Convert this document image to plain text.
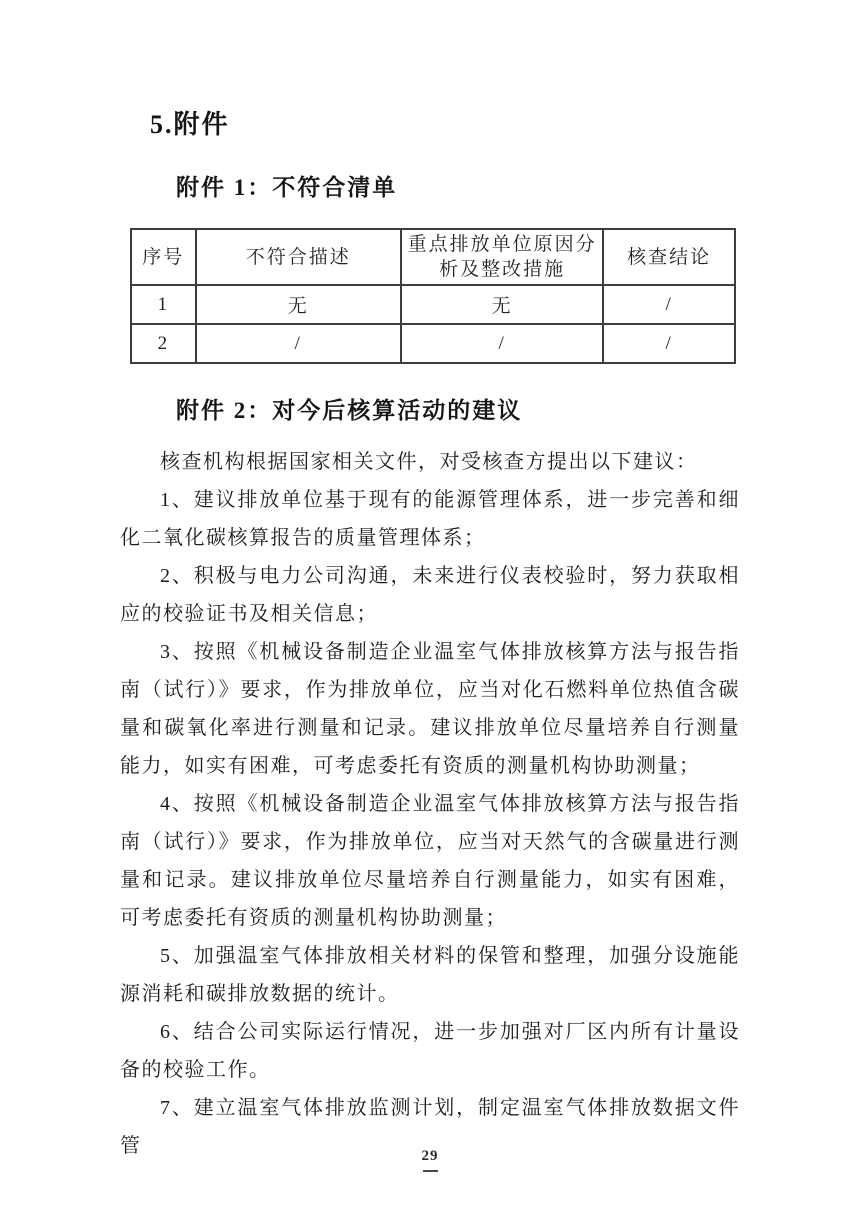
5.附件
附件 1：不符合清单
序号	不符合描述	重点排放单位原因分析及整改措施	核查结论
1	无	无	/
2	/	/	/
附件 2：对今后核算活动的建议

核查机构根据国家相关文件，对受核查方提出以下建议：

1、建议排放单位基于现有的能源管理体系，进一步完善和细化二氧化碳核算报告的质量管理体系；

2、积极与电力公司沟通，未来进行仪表校验时，努力获取相应的校验证书及相关信息；

3、按照《机械设备制造企业温室气体排放核算方法与报告指南（试行）》要求，作为排放单位，应当对化石燃料单位热值含碳量和碳氧化率进行测量和记录。建议排放单位尽量培养自行测量能力，如实有困难，可考虑委托有资质的测量机构协助测量；

4、按照《机械设备制造企业温室气体排放核算方法与报告指南（试行）》要求，作为排放单位，应当对天然气的含碳量进行测量和记录。建议排放单位尽量培养自行测量能力，如实有困难，可考虑委托有资质的测量机构协助测量；

5、加强温室气体排放相关材料的保管和整理，加强分设施能源消耗和碳排放数据的统计。

6、结合公司实际运行情况，进一步加强对厂区内所有计量设备的校验工作。

7、建立温室气体排放监测计划，制定温室气体排放数据文件管	29
